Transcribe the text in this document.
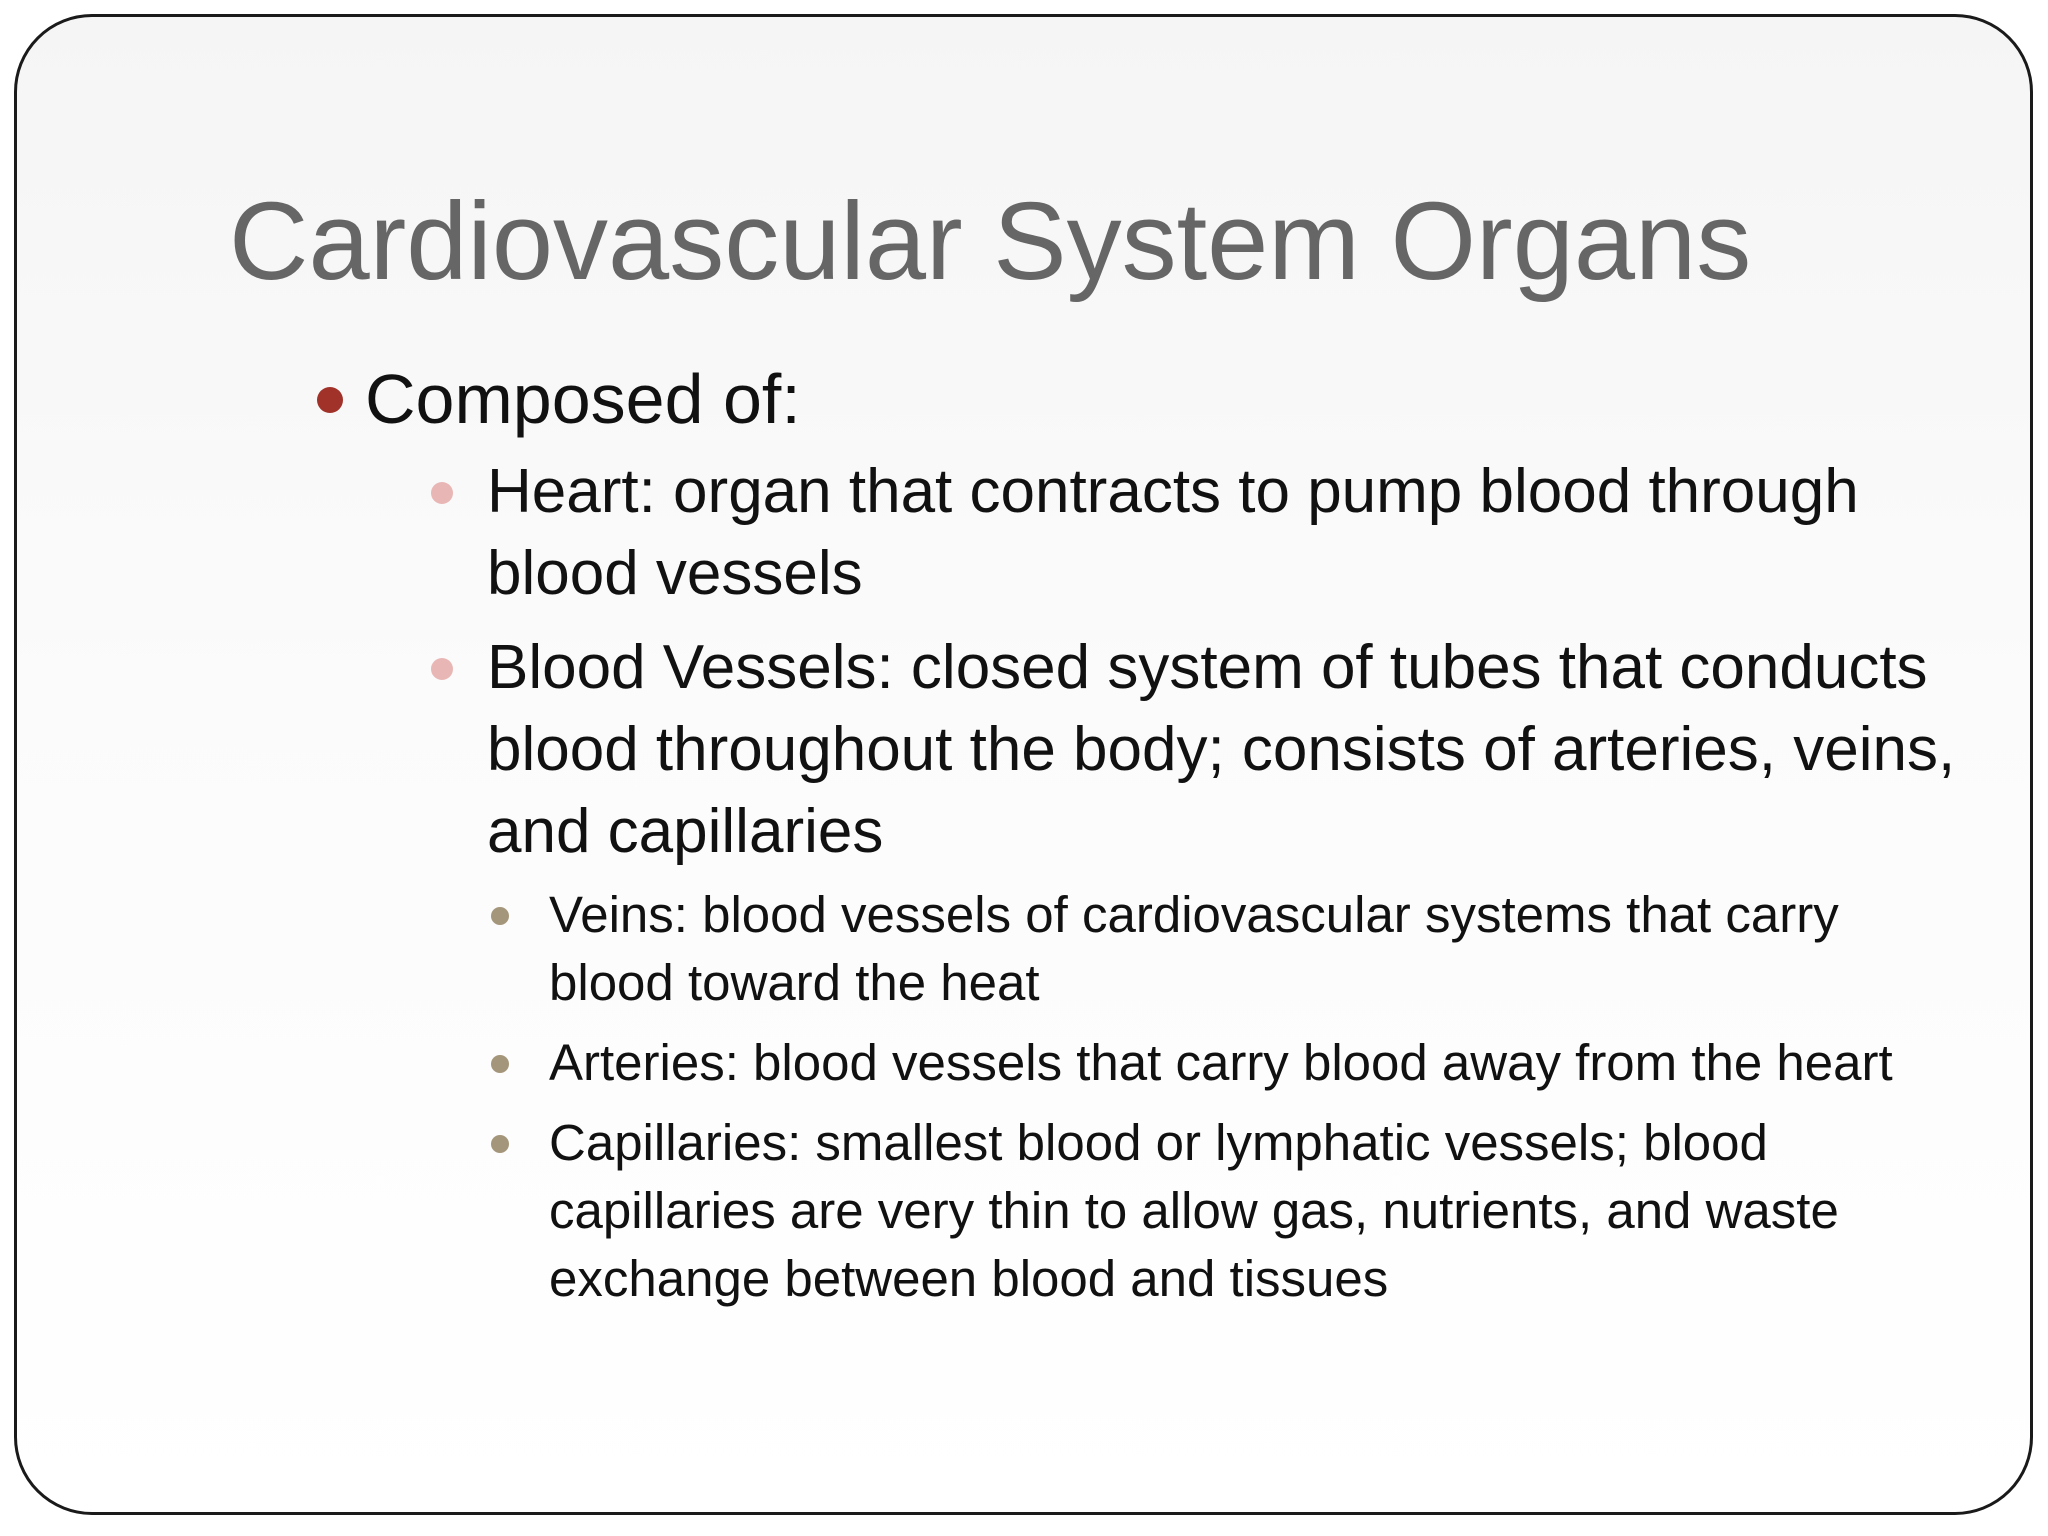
Cardiovascular System Organs
Composed of:
Heart: organ that contracts to pump blood through blood vessels
Blood Vessels: closed system of tubes that conducts blood throughout the body; consists of arteries, veins, and capillaries
Veins: blood vessels of cardiovascular systems that carry blood toward the heat
Arteries: blood vessels that carry blood away from the heart
Capillaries: smallest blood or lymphatic vessels; blood capillaries are very thin to allow gas, nutrients, and waste exchange between blood and tissues
